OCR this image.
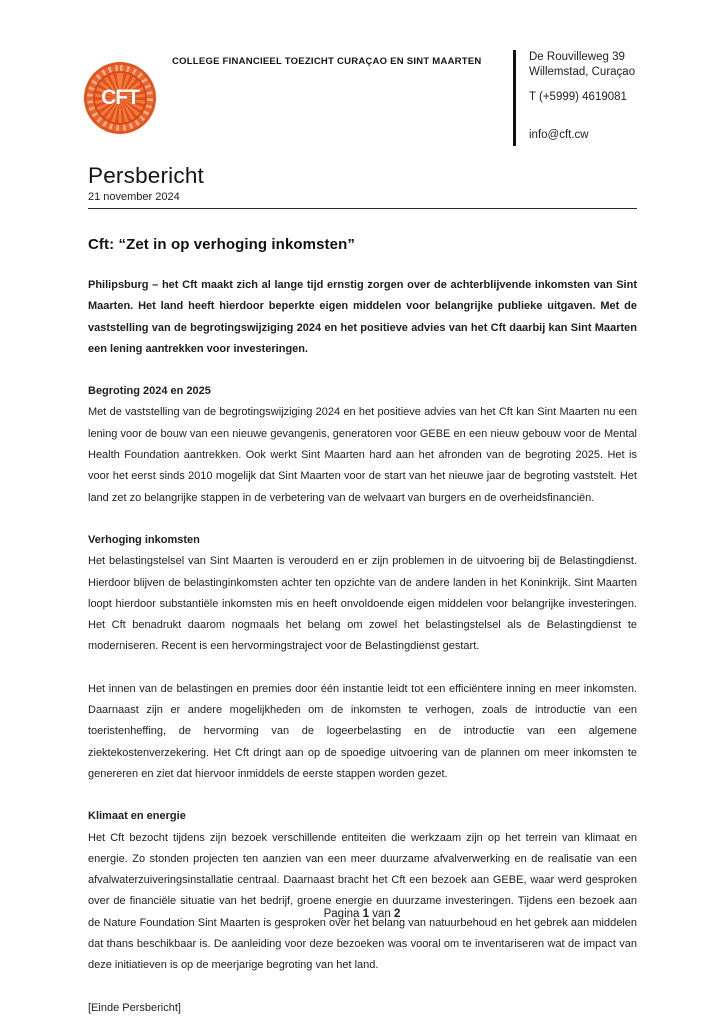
CFT
COLLEGE FINANCIEEL TOEZICHT CURAÇAO EN SINT MAARTEN	De Rouvilleweg 39
Willemstad, Curaçao
T (+5999) 4619081
info@cft.cw
Persbericht
21 november 2024
Cft: “Zet in op verhoging inkomsten”

Philipsburg – het Cft maakt zich al lange tijd ernstig zorgen over de achterblijvende inkomsten van Sint Maarten. Het land heeft hierdoor beperkte eigen middelen voor belangrijke publieke uitgaven. Met de vaststelling van de begrotingswijziging 2024 en het positieve advies van het Cft daarbij kan Sint Maarten een lening aantrekken voor investeringen.

Begroting 2024 en 2025

Met de vaststelling van de begrotingswijziging 2024 en het positieve advies van het Cft kan Sint Maarten nu een lening voor de bouw van een nieuwe gevangenis, generatoren voor GEBE en een nieuw gebouw voor de Mental Health Foundation aantrekken. Ook werkt Sint Maarten hard aan het afronden van de begroting 2025. Het is voor het eerst sinds 2010 mogelijk dat Sint Maarten voor de start van het nieuwe jaar de begroting vaststelt. Het land zet zo belangrijke stappen in de verbetering van de welvaart van burgers en de overheidsfinanciën.

Verhoging inkomsten

Het belastingstelsel van Sint Maarten is verouderd en er zijn problemen in de uitvoering bij de Belastingdienst. Hierdoor blijven de belastinginkomsten achter ten opzichte van de andere landen in het Koninkrijk. Sint Maarten loopt hierdoor substantiële inkomsten mis en heeft onvoldoende eigen middelen voor belangrijke investeringen. Het Cft benadrukt daarom nogmaals het belang om zowel het belastingstelsel als de Belastingdienst te moderniseren. Recent is een hervormingstraject voor de Belastingdienst gestart.

Het innen van de belastingen en premies door één instantie leidt tot een efficiëntere inning en meer inkomsten. Daarnaast zijn er andere mogelijkheden om de inkomsten te verhogen, zoals de introductie van een toeristenheffing, de hervorming van de logeerbelasting en de introductie van een algemene ziektekostenverzekering. Het Cft dringt aan op de spoedige uitvoering van de plannen om meer inkomsten te genereren en ziet dat hiervoor inmiddels de eerste stappen worden gezet.

Klimaat en energie

Het Cft bezocht tijdens zijn bezoek verschillende entiteiten die werkzaam zijn op het terrein van klimaat en energie. Zo stonden projecten ten aanzien van een meer duurzame afvalverwerking en de realisatie van een afvalwaterzuiveringsinstallatie centraal. Daarnaast bracht het Cft een bezoek aan GEBE, waar werd gesproken over de financiële situatie van het bedrijf, groene energie en duurzame investeringen. Tijdens een bezoek aan de Nature Foundation Sint Maarten is gesproken over het belang van natuurbehoud en het gebrek aan middelen dat thans beschikbaar is. De aanleiding voor deze bezoeken was vooral om te inventariseren wat de impact van deze initiatieven is op de meerjarige begroting van het land.

[Einde Persbericht]

Pagina 1 van 2
